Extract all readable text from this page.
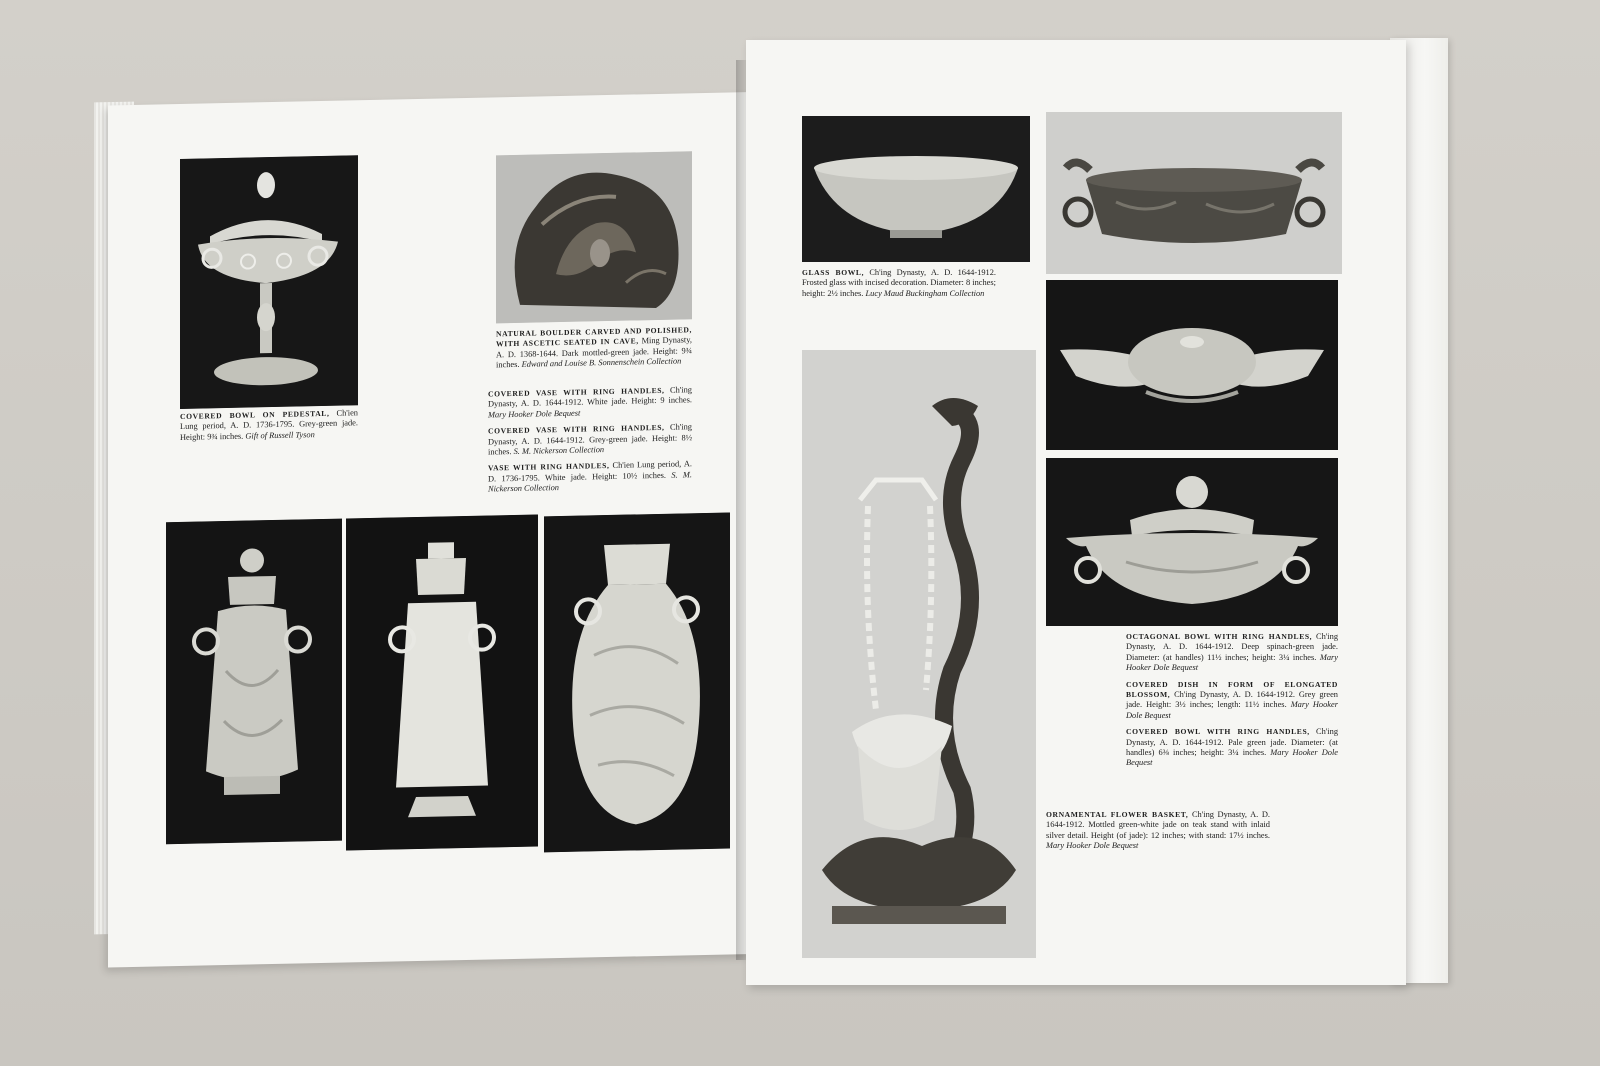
COVERED BOWL ON PEDESTAL, Ch'ien Lung period, A. D. 1736-1795. Grey-green jade. Height: 9¾ inches. Gift of Russell Tyson
NATURAL BOULDER CARVED AND POLISHED, WITH ASCETIC SEATED IN CAVE, Ming Dynasty, A. D. 1368-1644. Dark mottled-green jade. Height: 9¾ inches. Edward and Louise B. Sonnenschein Collection
COVERED VASE WITH RING HANDLES, Ch'ing Dynasty, A. D. 1644-1912. White jade. Height: 9 inches. Mary Hooker Dole Bequest
COVERED VASE WITH RING HANDLES, Ch'ing Dynasty, A. D. 1644-1912. Grey-green jade. Height: 8½ inches. S. M. Nickerson Collection
VASE WITH RING HANDLES, Ch'ien Lung period, A. D. 1736-1795. White jade. Height: 10½ inches. S. M. Nickerson Collection
GLASS BOWL, Ch'ing Dynasty, A. D. 1644-1912. Frosted glass with incised decoration. Diameter: 8 inches; height: 2½ inches. Lucy Maud Buckingham Collection
OCTAGONAL BOWL WITH RING HANDLES, Ch'ing Dynasty, A. D. 1644-1912. Deep spinach-green jade. Diameter: (at handles) 11½ inches; height: 3¼ inches. Mary Hooker Dole Bequest
COVERED DISH IN FORM OF ELONGATED BLOSSOM, Ch'ing Dynasty, A. D. 1644-1912. Grey green jade. Height: 3½ inches; length: 11½ inches. Mary Hooker Dole Bequest
COVERED BOWL WITH RING HANDLES, Ch'ing Dynasty, A. D. 1644-1912. Pale green jade. Diameter: (at handles) 6⅜ inches; height: 3¼ inches. Mary Hooker Dole Bequest
ORNAMENTAL FLOWER BASKET, Ch'ing Dynasty, A. D. 1644-1912. Mottled green-white jade on teak stand with inlaid silver detail. Height (of jade): 12 inches; with stand: 17½ inches. Mary Hooker Dole Bequest
